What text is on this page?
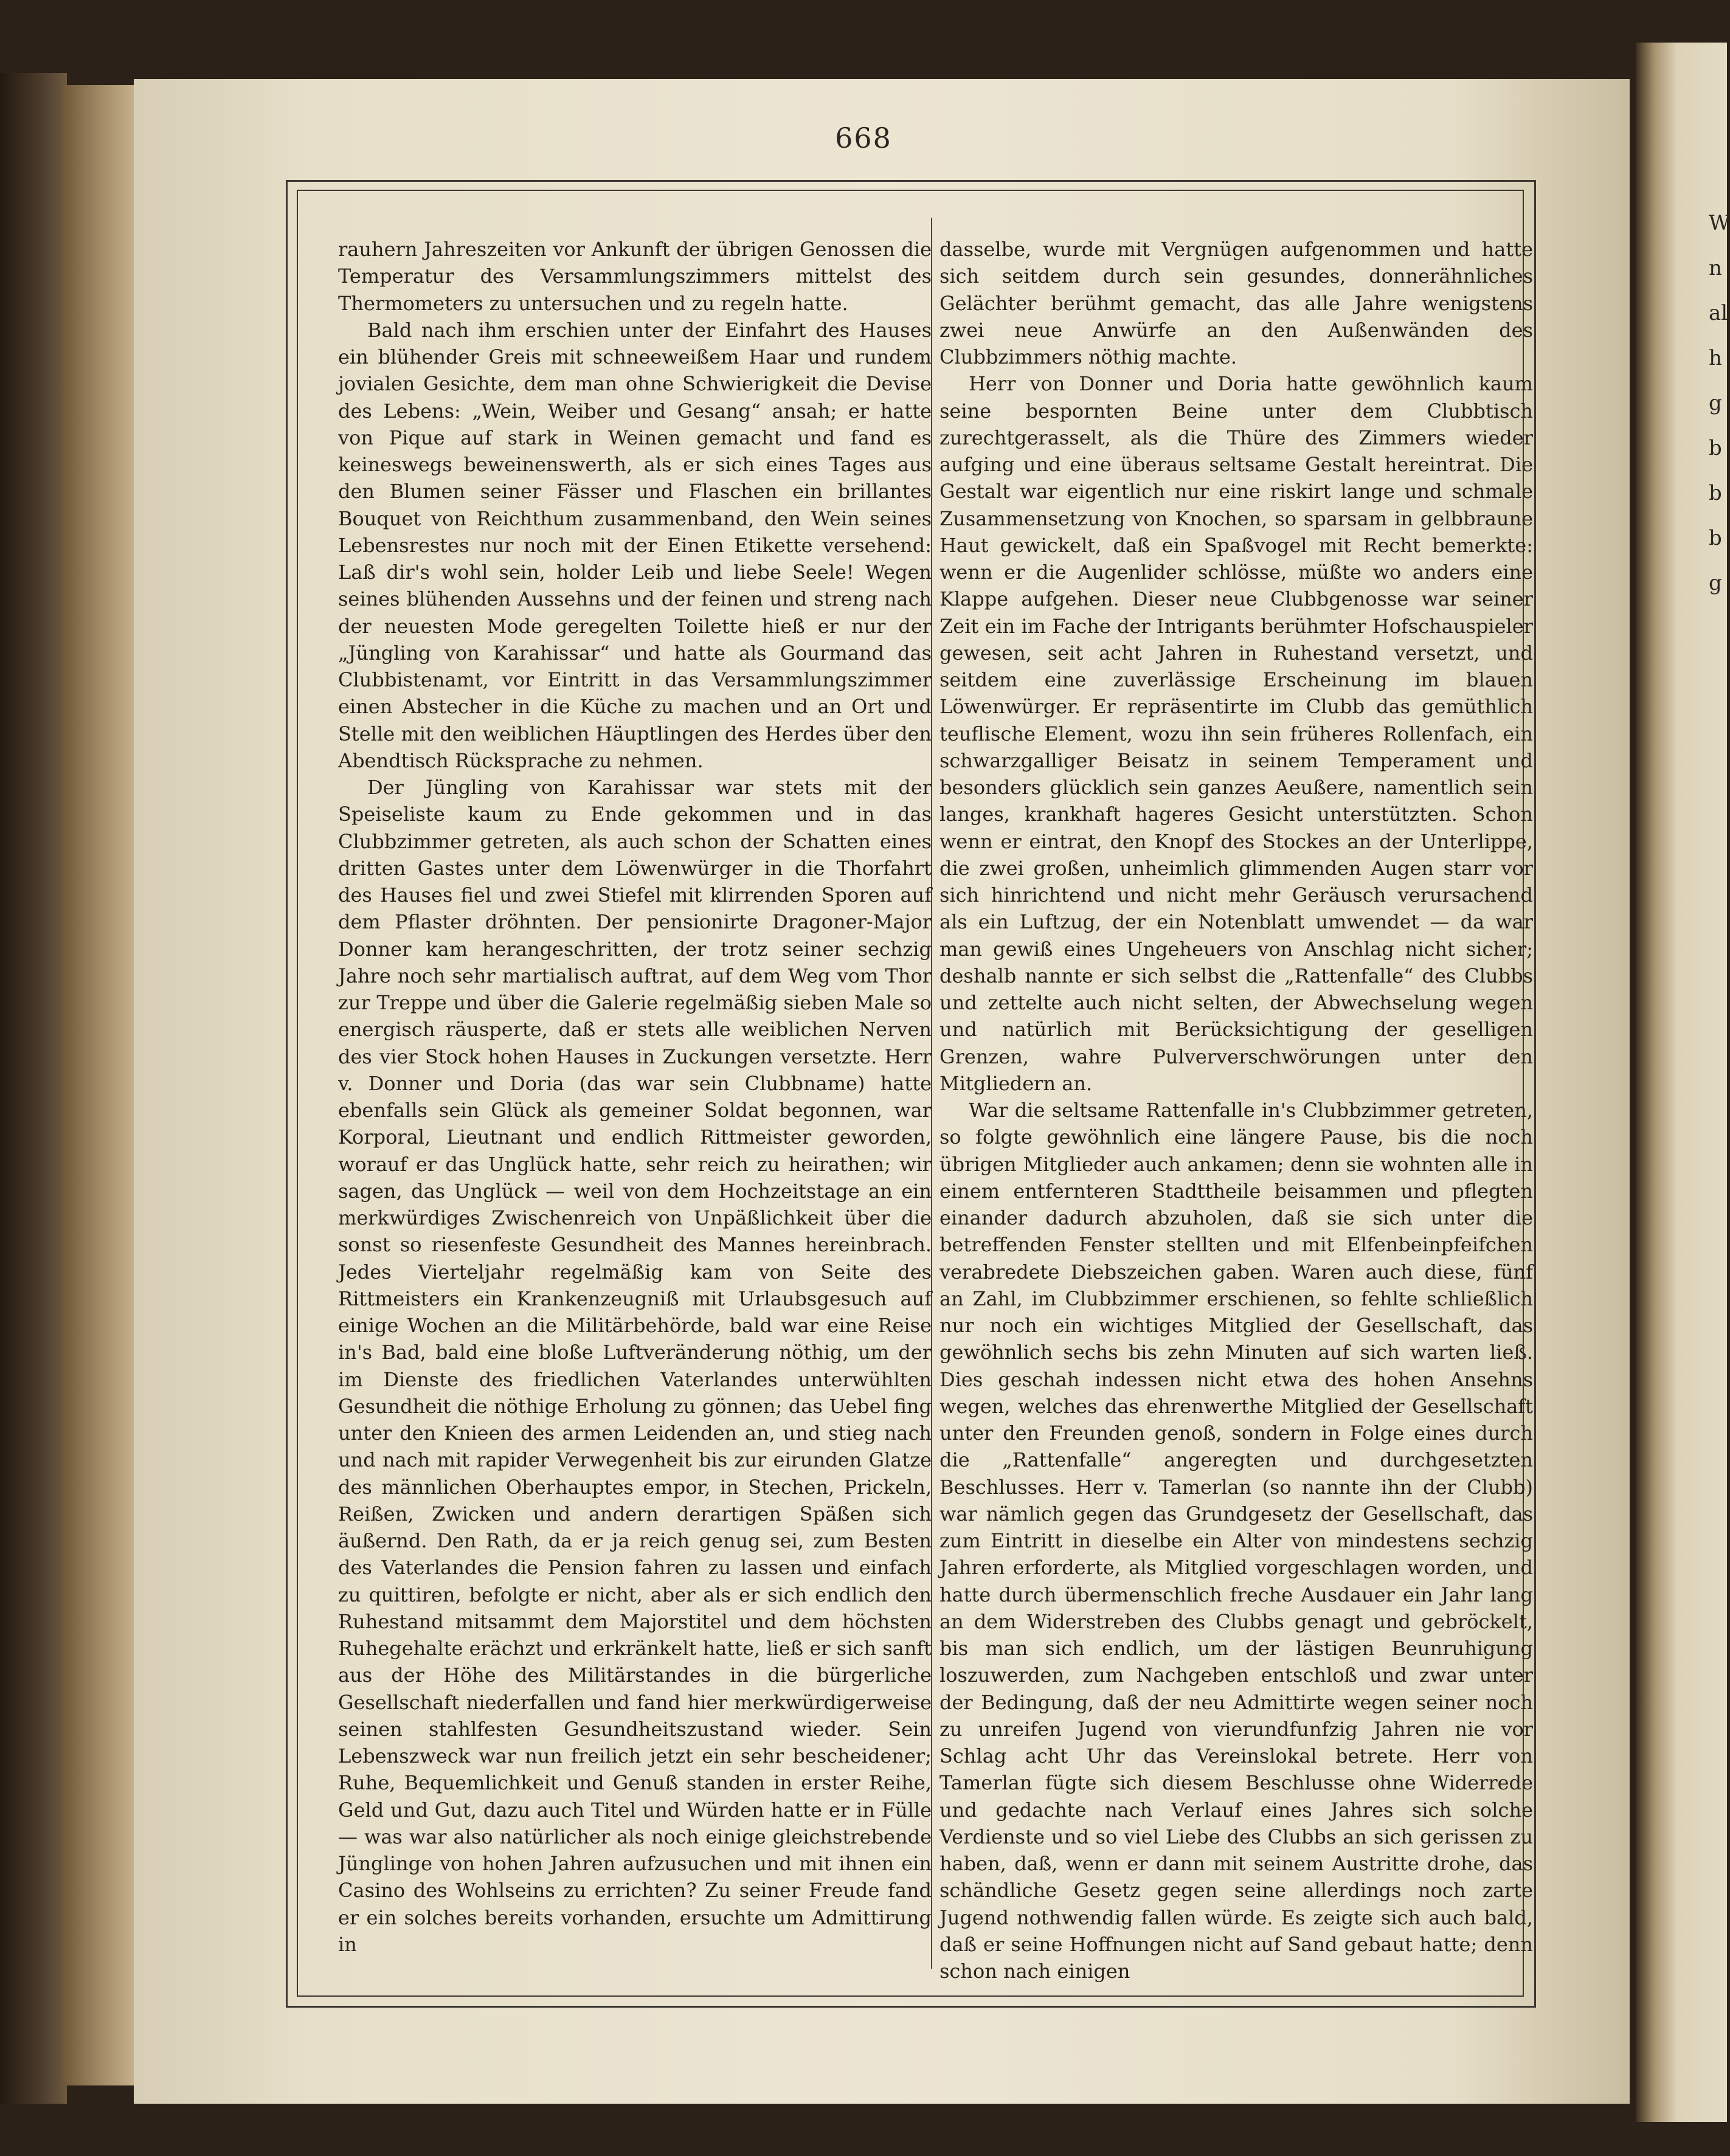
W
n
al
h
g
b
b
b
g
668

rauhern Jahreszeiten vor Ankunft der übrigen Genossen die Temperatur des Versammlungszimmers mittelst des Thermometers zu untersuchen und zu regeln hatte.

Bald nach ihm erschien unter der Einfahrt des Hauses ein blühender Greis mit schneeweißem Haar und rundem jovialen Gesichte, dem man ohne Schwierigkeit die Devise des Lebens: „Wein, Weiber und Gesang“ ansah; er hatte von Pique auf stark in Weinen gemacht und fand es keineswegs beweinenswerth, als er sich eines Tages aus den Blumen seiner Fässer und Flaschen ein brillantes Bouquet von Reichthum zusammenband, den Wein seines Lebensrestes nur noch mit der Einen Etikette versehend: Laß dir's wohl sein, holder Leib und liebe Seele! Wegen seines blühenden Aussehns und der feinen und streng nach der neuesten Mode geregelten Toilette hieß er nur der „Jüngling von Karahissar“ und hatte als Gourmand das Clubbistenamt, vor Eintritt in das Versammlungszimmer einen Abstecher in die Küche zu machen und an Ort und Stelle mit den weiblichen Häuptlingen des Herdes über den Abendtisch Rücksprache zu nehmen.

Der Jüngling von Karahissar war stets mit der Speiseliste kaum zu Ende gekommen und in das Clubbzimmer getreten, als auch schon der Schatten eines dritten Gastes unter dem Löwenwürger in die Thorfahrt des Hauses fiel und zwei Stiefel mit klirrenden Sporen auf dem Pflaster dröhnten. Der pensionirte Dragoner-Major Donner kam herangeschritten, der trotz seiner sechzig Jahre noch sehr martialisch auftrat, auf dem Weg vom Thor zur Treppe und über die Galerie regelmäßig sieben Male so energisch räusperte, daß er stets alle weiblichen Nerven des vier Stock hohen Hauses in Zuckungen versetzte. Herr v. Donner und Doria (das war sein Clubbname) hatte ebenfalls sein Glück als gemeiner Soldat begonnen, war Korporal, Lieutnant und endlich Rittmeister geworden, worauf er das Unglück hatte, sehr reich zu heirathen; wir sagen, das Unglück — weil von dem Hochzeitstage an ein merkwürdiges Zwischenreich von Unpäßlichkeit über die sonst so riesenfeste Gesundheit des Mannes hereinbrach. Jedes Vierteljahr regelmäßig kam von Seite des Rittmeisters ein Krankenzeugniß mit Urlaubsgesuch auf einige Wochen an die Militärbehörde, bald war eine Reise in's Bad, bald eine bloße Luftveränderung nöthig, um der im Dienste des friedlichen Vaterlandes unterwühlten Gesundheit die nöthige Erholung zu gönnen; das Uebel fing unter den Knieen des armen Leidenden an, und stieg nach und nach mit rapider Verwegenheit bis zur eirunden Glatze des männlichen Oberhauptes empor, in Stechen, Prickeln, Reißen, Zwicken und andern derartigen Späßen sich äußernd. Den Rath, da er ja reich genug sei, zum Besten des Vaterlandes die Pension fahren zu lassen und einfach zu quittiren, befolgte er nicht, aber als er sich endlich den Ruhestand mitsammt dem Majorstitel und dem höchsten Ruhegehalte erächzt und erkränkelt hatte, ließ er sich sanft aus der Höhe des Militärstandes in die bürgerliche Gesellschaft niederfallen und fand hier merkwürdigerweise seinen stahlfesten Gesundheitszustand wieder. Sein Lebenszweck war nun freilich jetzt ein sehr bescheidener; Ruhe, Bequemlichkeit und Genuß standen in erster Reihe, Geld und Gut, dazu auch Titel und Würden hatte er in Fülle — was war also natürlicher als noch einige gleichstrebende Jünglinge von hohen Jahren aufzusuchen und mit ihnen ein Casino des Wohlseins zu errichten? Zu seiner Freude fand er ein solches bereits vorhanden, ersuchte um Admittirung in

dasselbe, wurde mit Vergnügen aufgenommen und hatte sich seitdem durch sein gesundes, donnerähnliches Gelächter berühmt gemacht, das alle Jahre wenigstens zwei neue Anwürfe an den Außenwänden des Clubbzimmers nöthig machte.

Herr von Donner und Doria hatte gewöhnlich kaum seine bespornten Beine unter dem Clubbtisch zurechtgerasselt, als die Thüre des Zimmers wieder aufging und eine überaus seltsame Gestalt hereintrat. Die Gestalt war eigentlich nur eine riskirt lange und schmale Zusammensetzung von Knochen, so sparsam in gelbbraune Haut gewickelt, daß ein Spaßvogel mit Recht bemerkte: wenn er die Augenlider schlösse, müßte wo anders eine Klappe aufgehen. Dieser neue Clubbgenosse war seiner Zeit ein im Fache der Intrigants berühmter Hofschauspieler gewesen, seit acht Jahren in Ruhestand versetzt, und seitdem eine zuverlässige Erscheinung im blauen Löwenwürger. Er repräsentirte im Clubb das gemüthlich teuflische Element, wozu ihn sein früheres Rollenfach, ein schwarzgalliger Beisatz in seinem Temperament und besonders glücklich sein ganzes Aeußere, namentlich sein langes, krankhaft hageres Gesicht unterstützten. Schon wenn er eintrat, den Knopf des Stockes an der Unterlippe, die zwei großen, unheimlich glimmenden Augen starr vor sich hinrichtend und nicht mehr Geräusch verursachend als ein Luftzug, der ein Notenblatt umwendet — da war man gewiß eines Ungeheuers von Anschlag nicht sicher; deshalb nannte er sich selbst die „Rattenfalle“ des Clubbs und zettelte auch nicht selten, der Abwechselung wegen und natürlich mit Berücksichtigung der geselligen Grenzen, wahre Pulververschwörungen unter den Mitgliedern an.

War die seltsame Rattenfalle in's Clubbzimmer getreten, so folgte gewöhnlich eine längere Pause, bis die noch übrigen Mitglieder auch ankamen; denn sie wohnten alle in einem entfernteren Stadttheile beisammen und pflegten einander dadurch abzuholen, daß sie sich unter die betreffenden Fenster stellten und mit Elfenbeinpfeifchen verabredete Diebszeichen gaben. Waren auch diese, fünf an Zahl, im Clubbzimmer erschienen, so fehlte schließlich nur noch ein wichtiges Mitglied der Gesellschaft, das gewöhnlich sechs bis zehn Minuten auf sich warten ließ. Dies geschah indessen nicht etwa des hohen Ansehns wegen, welches das ehrenwerthe Mitglied der Gesellschaft unter den Freunden genoß, sondern in Folge eines durch die „Rattenfalle“ angeregten und durchgesetzten Beschlusses. Herr v. Tamerlan (so nannte ihn der Clubb) war nämlich gegen das Grundgesetz der Gesellschaft, das zum Eintritt in dieselbe ein Alter von mindestens sechzig Jahren erforderte, als Mitglied vorgeschlagen worden, und hatte durch übermenschlich freche Ausdauer ein Jahr lang an dem Widerstreben des Clubbs genagt und gebröckelt, bis man sich endlich, um der lästigen Beunruhigung loszuwerden, zum Nachgeben entschloß und zwar unter der Bedingung, daß der neu Admittirte wegen seiner noch zu unreifen Jugend von vierundfunfzig Jahren nie vor Schlag acht Uhr das Vereinslokal betrete. Herr von Tamerlan fügte sich diesem Beschlusse ohne Widerrede und gedachte nach Verlauf eines Jahres sich solche Verdienste und so viel Liebe des Clubbs an sich gerissen zu haben, daß, wenn er dann mit seinem Austritte drohe, das schändliche Gesetz gegen seine allerdings noch zarte Jugend nothwendig fallen würde. Es zeigte sich auch bald, daß er seine Hoffnungen nicht auf Sand gebaut hatte; denn schon nach einigen
